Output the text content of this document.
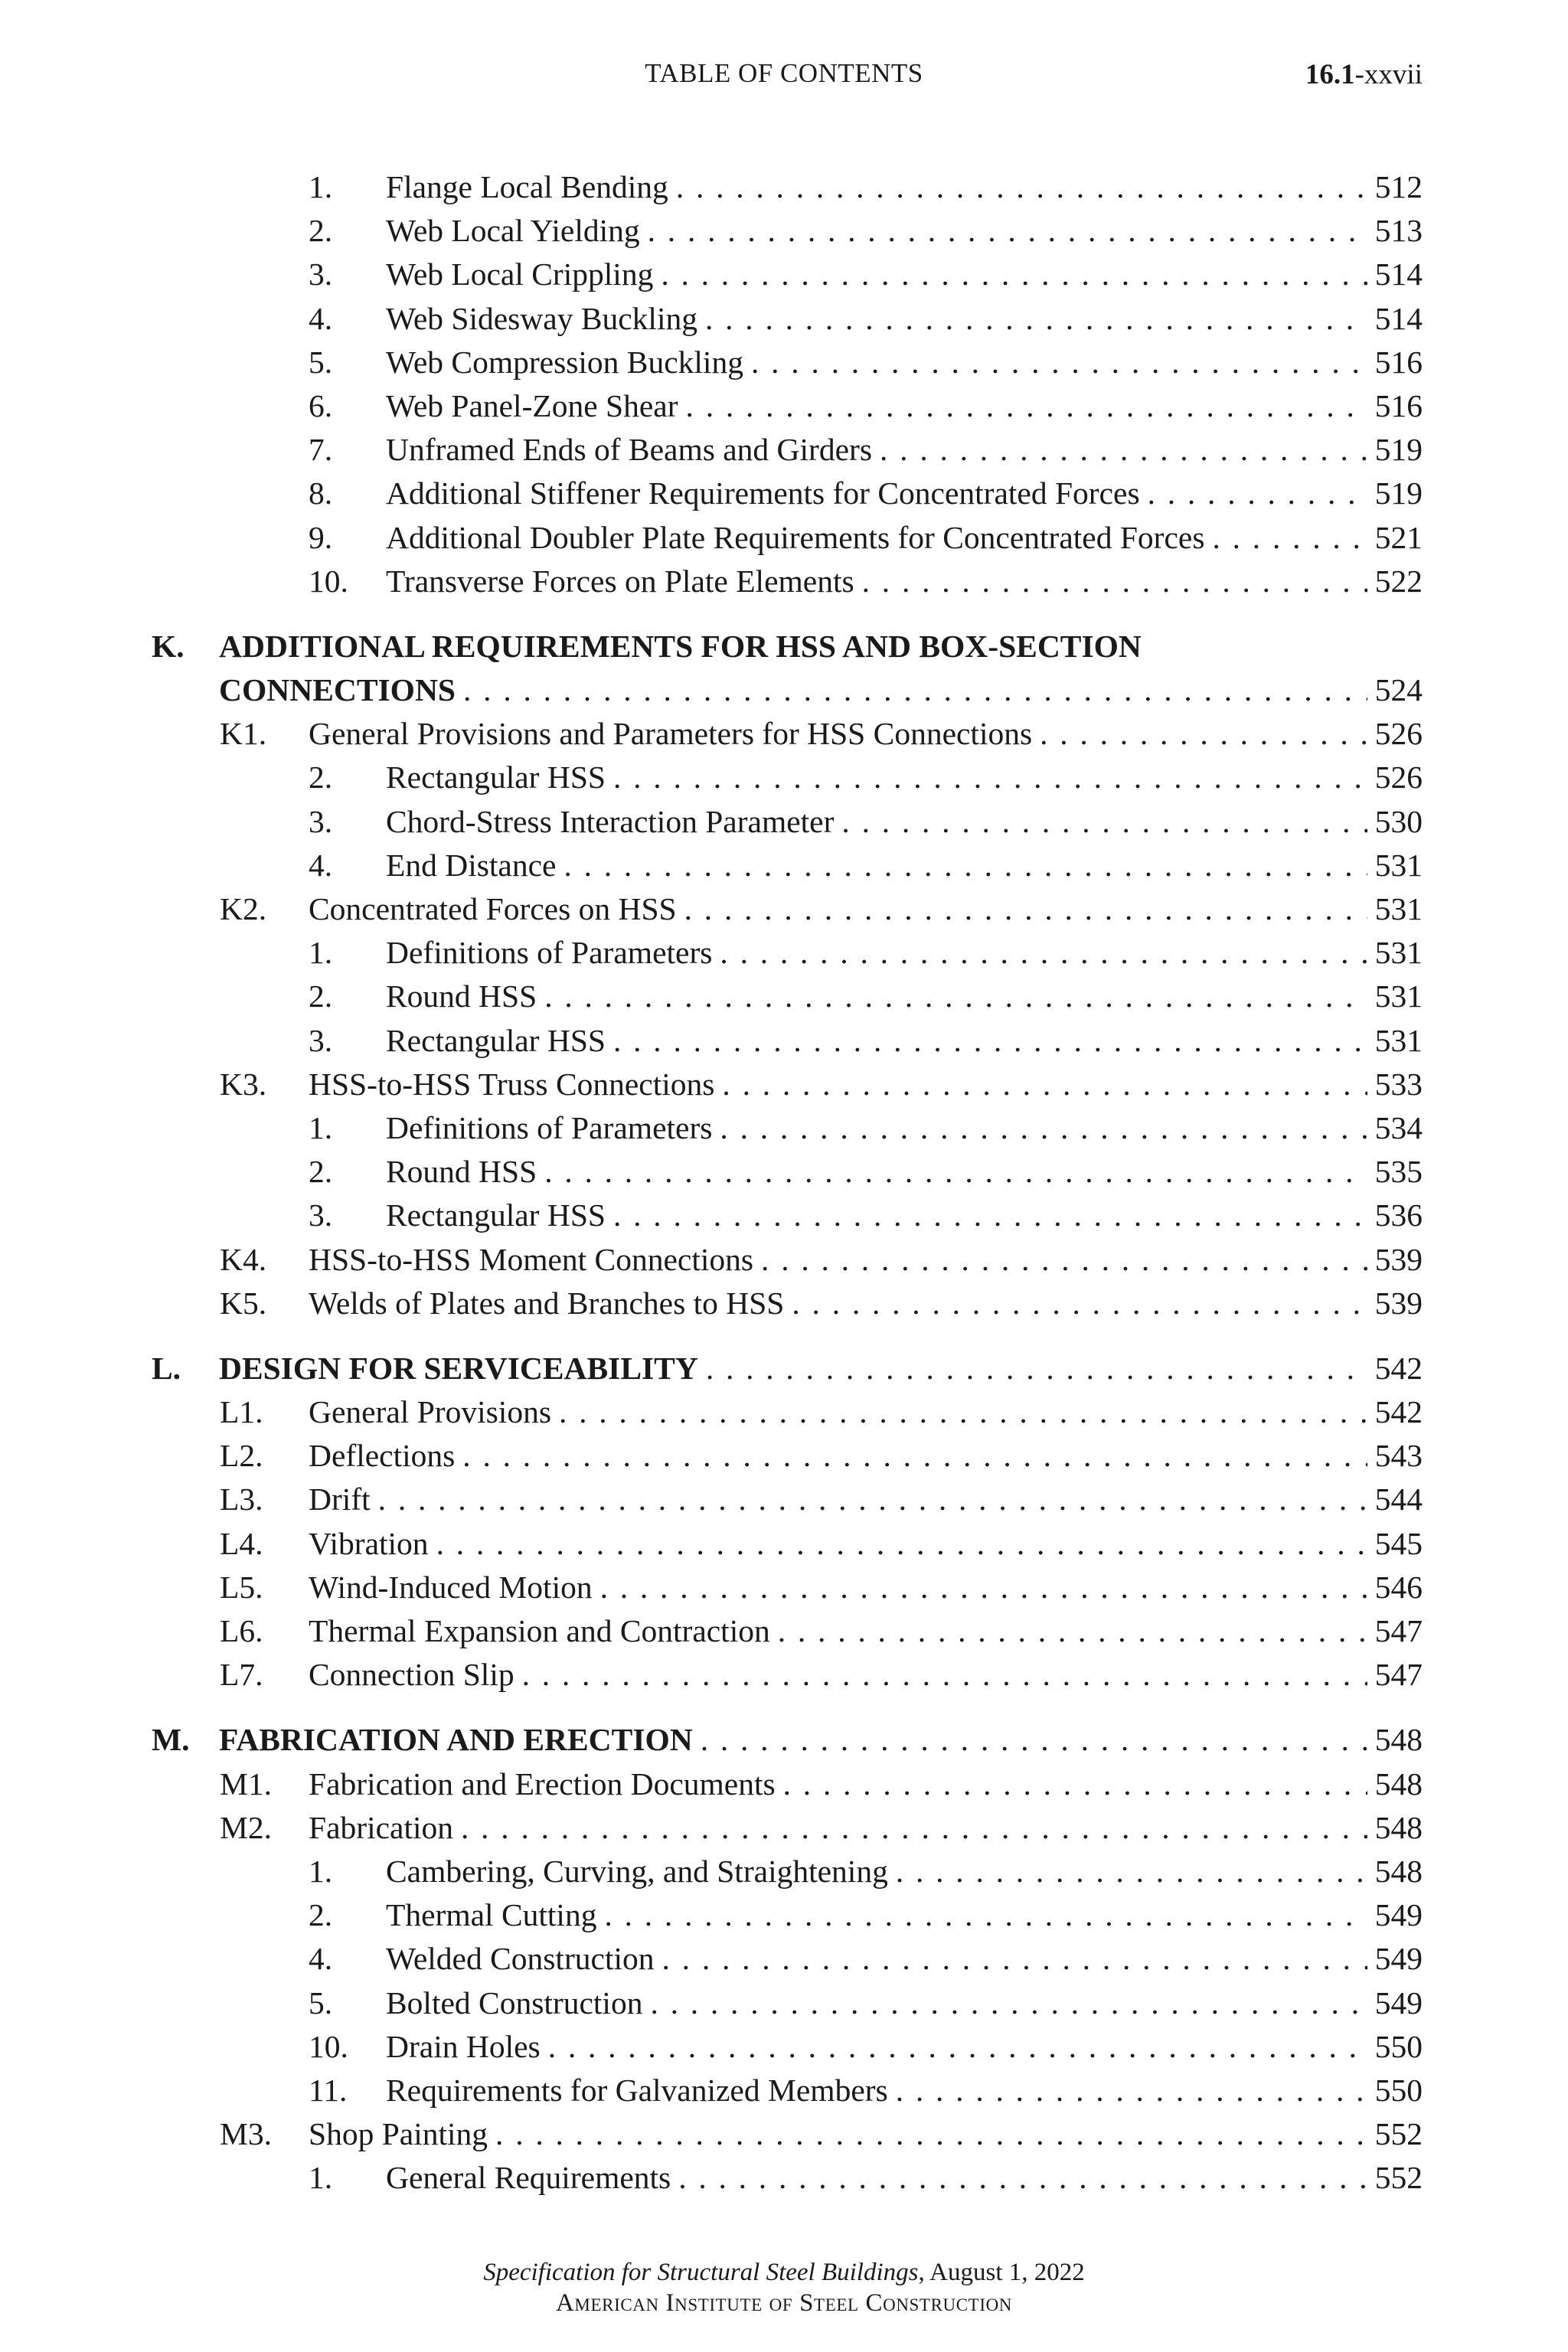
TABLE OF CONTENTS	16.1-xxvii
1. Flange Local Bending . . .	512
2. Web Local Yielding . . .	513
3. Web Local Crippling . . .	514
4. Web Sidesway Buckling . . .	514
5. Web Compression Buckling . . .	516
6. Web Panel-Zone Shear . . .	516
7. Unframed Ends of Beams and Girders . . .	519
8. Additional Stiffener Requirements for Concentrated Forces . . .	519
9. Additional Doubler Plate Requirements for Concentrated Forces . . .	521
10. Transverse Forces on Plate Elements . . .	522
K. ADDITIONAL REQUIREMENTS FOR HSS AND BOX-SECTION
CONNECTIONS . . .	524
K1. General Provisions and Parameters for HSS Connections . . .	526
2. Rectangular HSS . . .	526
3. Chord-Stress Interaction Parameter . . .	530
4. End Distance . . .	531
K2. Concentrated Forces on HSS . . .	531
1. Definitions of Parameters . . .	531
2. Round HSS . . .	531
3. Rectangular HSS . . .	531
K3. HSS-to-HSS Truss Connections . . .	533
1. Definitions of Parameters . . .	534
2. Round HSS . . .	535
3. Rectangular HSS . . .	536
K4. HSS-to-HSS Moment Connections . . .	539
K5. Welds of Plates and Branches to HSS . . .	539
L. DESIGN FOR SERVICEABILITY . . .	542
L1. General Provisions . . .	542
L2. Deflections . . .	543
L3. Drift . . .	544
L4. Vibration . . .	545
L5. Wind-Induced Motion . . .	546
L6. Thermal Expansion and Contraction . . .	547
L7. Connection Slip . . .	547
M. FABRICATION AND ERECTION . . .	548
M1. Fabrication and Erection Documents . . .	548
M2. Fabrication . . .	548
1. Cambering, Curving, and Straightening . . .	548
2. Thermal Cutting . . .	549
4. Welded Construction . . .	549
5. Bolted Construction . . .	549
10. Drain Holes . . .	550
11. Requirements for Galvanized Members . . .	550
M3. Shop Painting . . .	552
1. General Requirements . . .	552
Specification for Structural Steel Buildings, August 1, 2022
American Institute of Steel Construction
